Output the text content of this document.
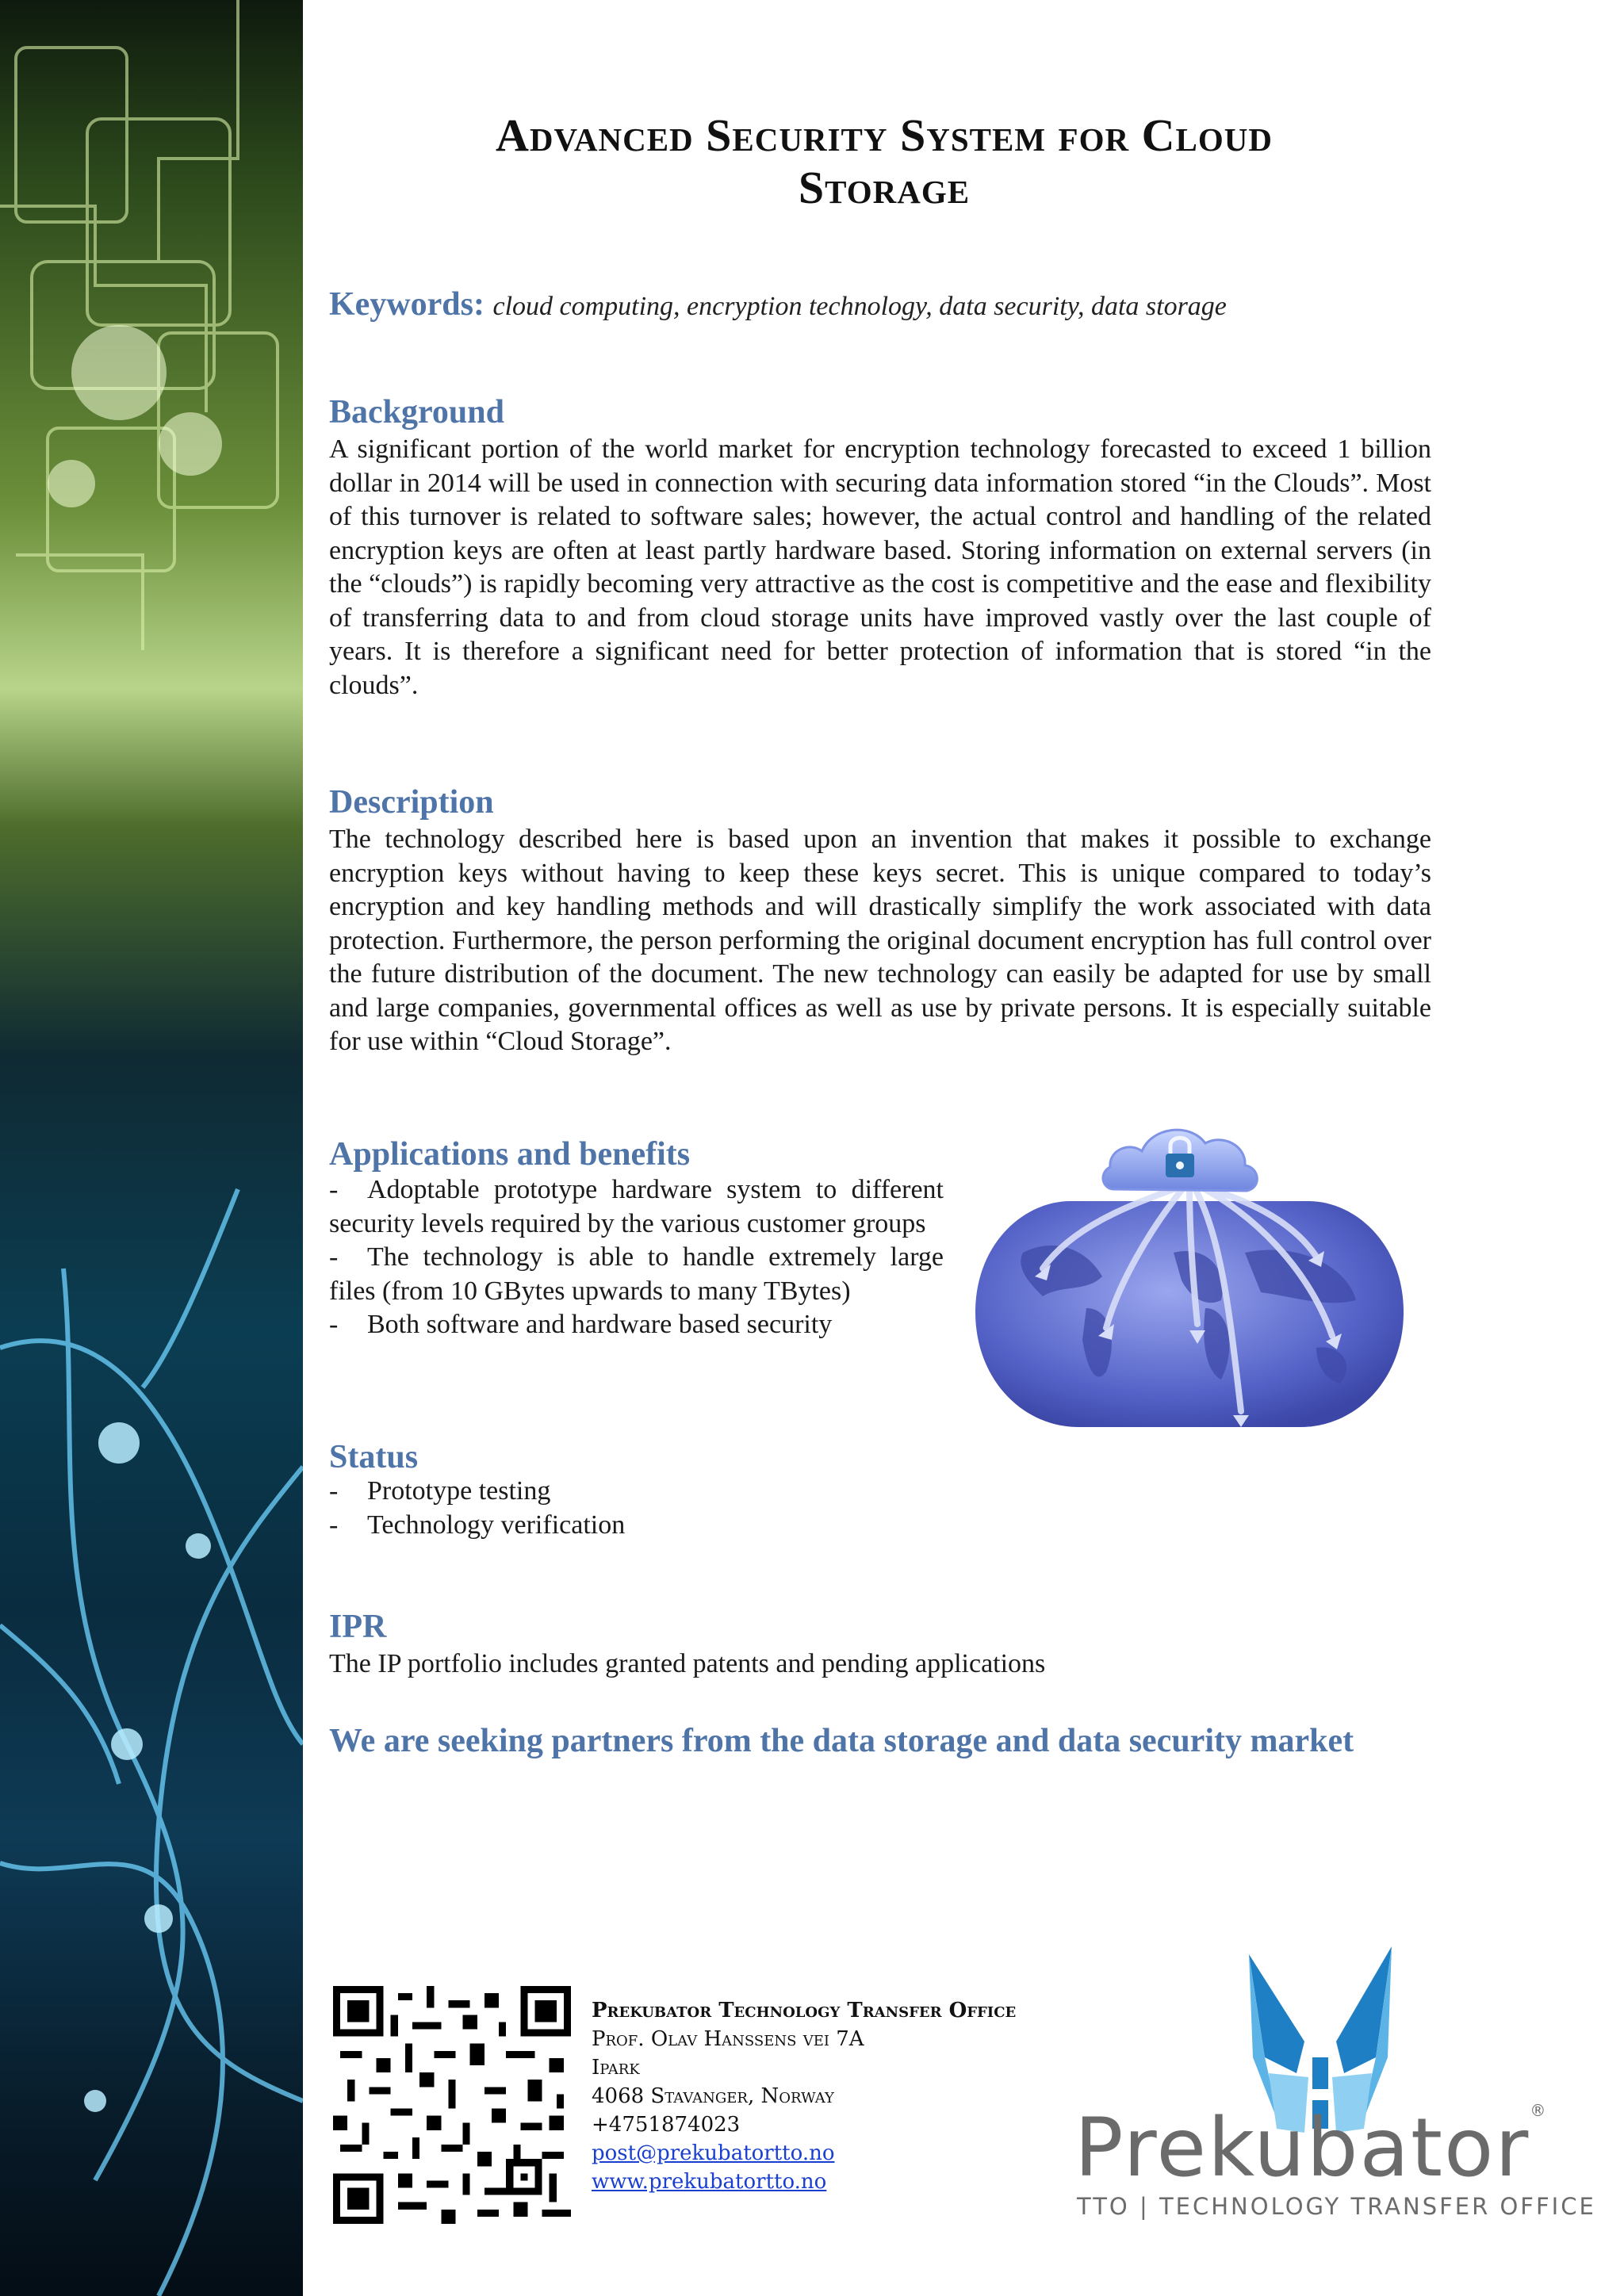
Advanced Security System for Cloud
Storage
Keywords: cloud computing, encryption technology, data security, data storage
Background
A significant portion of the world market for encryption technology forecasted to exceed 1 billion dollar in 2014 will be used in connection with securing data information stored “in the Clouds”. Most of this turnover is related to software sales; however, the actual control and handling of the related encryption keys are often at least partly hardware based. Storing information on external servers (in the “clouds”) is rapidly becoming very attractive as the cost is competitive and the ease and flexibility of transferring data to and from cloud storage units have improved vastly over the last couple of years. It is therefore a significant need for better protection of information that is stored “in the clouds”.
Description
The technology described here is based upon an invention that makes it possible to exchange encryption keys without having to keep these keys secret. This is unique compared to today’s encryption and key handling methods and will drastically simplify the work associated with data protection. Furthermore, the person performing the original document encryption has full control over the future distribution of the document. The new technology can easily be adapted for use by small and large companies, governmental offices as well as use by private persons. It is especially suitable for use within “Cloud Storage”.
Applications and benefits
- Adoptable prototype hardware system to different security levels required by the various customer groups
- The technology is able to handle extremely large files (from 10 GBytes upwards to many TBytes)
- Both software and hardware based security
Status
- Prototype testing
- Technology verification
IPR
The IP portfolio includes granted patents and pending applications
We are seeking partners from the data storage and data security market
Prekubator Technology Transfer Office
Prof. Olav Hanssens vei 7A
Ipark
4068 Stavanger, Norway
+4751874023
post@prekubatortto.no
www.prekubatortto.no	Prekubator®
TTO | TECHNOLOGY TRANSFER OFFICE
